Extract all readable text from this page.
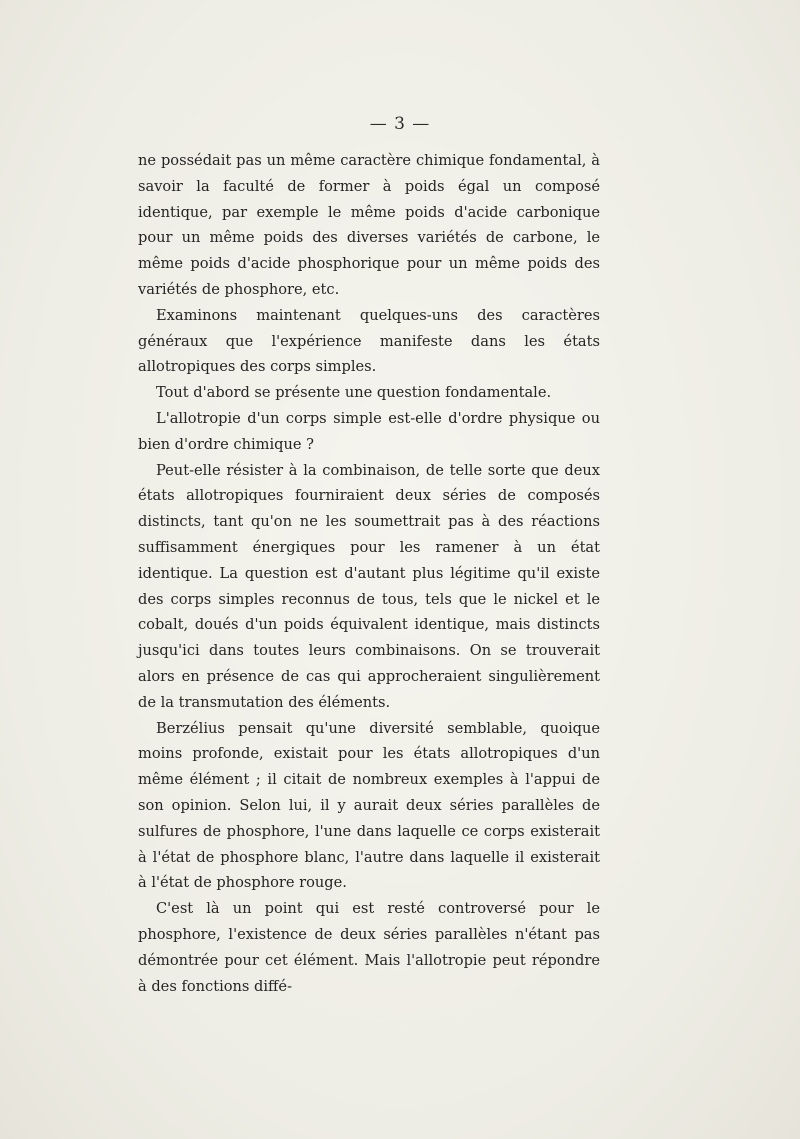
— 3 —

ne possédait pas un même caractère chimique fondamental, à savoir la faculté de former à poids égal un composé identique, par exemple le même poids d'acide carbonique pour un même poids des diverses variétés de carbone, le même poids d'acide phosphorique pour un même poids des variétés de phosphore, etc.

Examinons maintenant quelques-uns des caractères généraux que l'expérience manifeste dans les états allotropiques des corps simples.

Tout d'abord se présente une question fondamentale.

L'allotropie d'un corps simple est-elle d'ordre physique ou bien d'ordre chimique ?

Peut-elle résister à la combinaison, de telle sorte que deux états allotropiques fourniraient deux séries de composés distincts, tant qu'on ne les soumettrait pas à des réactions suffisamment énergiques pour les ramener à un état identique. La question est d'autant plus légitime qu'il existe des corps simples reconnus de tous, tels que le nickel et le cobalt, doués d'un poids équivalent identique, mais distincts jusqu'ici dans toutes leurs combinaisons. On se trouverait alors en présence de cas qui approcheraient singulièrement de la transmutation des éléments.

Berzélius pensait qu'une diversité semblable, quoique moins profonde, existait pour les états allotropiques d'un même élément ; il citait de nombreux exemples à l'appui de son opinion. Selon lui, il y aurait deux séries parallèles de sulfures de phosphore, l'une dans laquelle ce corps existerait à l'état de phosphore blanc, l'autre dans laquelle il existerait à l'état de phosphore rouge.

C'est là un point qui est resté controversé pour le phosphore, l'existence de deux séries parallèles n'étant pas démontrée pour cet élément. Mais l'allotropie peut répondre à des fonctions diffé-
